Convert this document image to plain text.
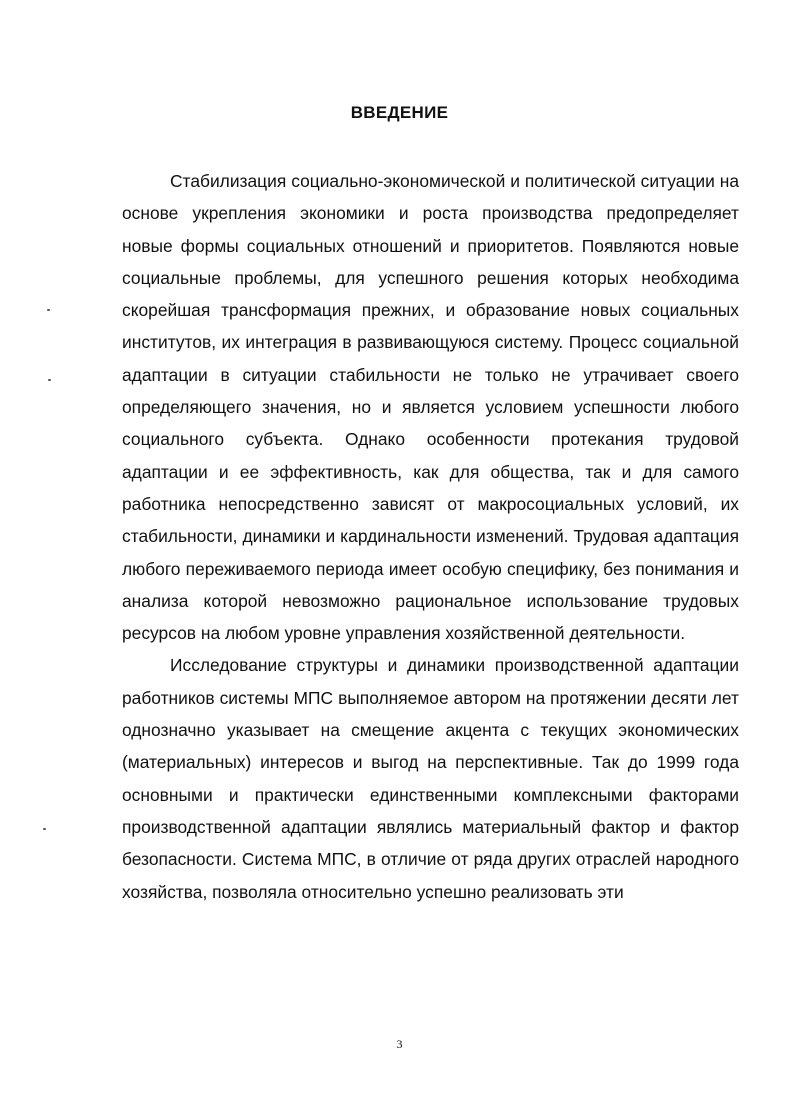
ВВЕДЕНИЕ

Стабилизация социально-экономической и политической ситуации на основе укрепления экономики и роста производства предопределяет новые формы социальных отношений и приоритетов. Появляются новые социальные проблемы, для успешного решения которых необходима скорейшая трансформация прежних, и образование новых социальных институтов, их интеграция в развивающуюся систему. Процесс социальной адаптации в ситуации стабильности не только не утрачивает своего определяющего значения, но и является условием успешности любого социального субъекта. Однако особенности протекания трудовой адаптации и ее эффективность, как для общества, так и для самого работника непосредственно зависят от макросоциальных условий, их стабильности, динамики и кардинальности изменений. Трудовая адаптация любого переживаемого периода имеет особую специфику, без понимания и анализа которой невозможно рациональное использование трудовых ресурсов на любом уровне управления хозяйственной деятельности.

Исследование структуры и динамики производственной адаптации работников системы МПС выполняемое автором на протяжении десяти лет однозначно указывает на смещение акцента с текущих экономических (материальных) интересов и выгод на перспективные. Так до 1999 года основными и практически единственными комплексными факторами производственной адаптации являлись материальный фактор и фактор безопасности. Система МПС, в отличие от ряда других отраслей народного хозяйства, позволяла относительно успешно реализовать эти

3
